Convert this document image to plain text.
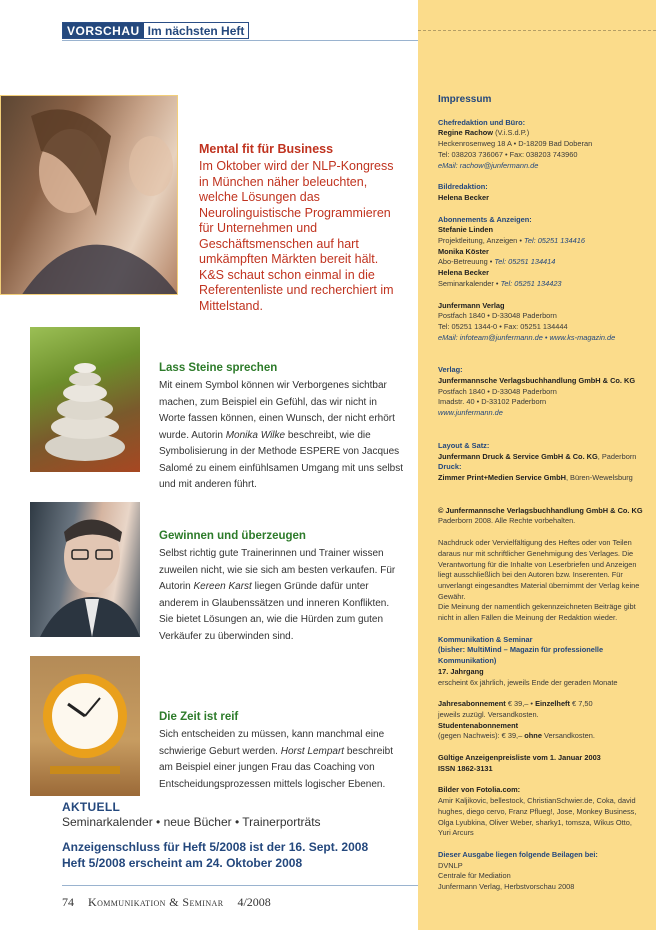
VORSCHAU Im nächsten Heft
Mental fit für Business

Im Oktober wird der NLP-Kongress in München näher beleuchten, welche Lösungen das Neurolinguistische Programmieren für Unternehmen und Geschäftsmenschen auf hart umkämpften Märkten bereit hält. K&S schaut schon einmal in die Referentenliste und recherchiert im Mittelstand.

Lass Steine sprechen

Mit einem Symbol können wir Verborgenes sichtbar machen, zum Beispiel ein Gefühl, das wir nicht in Worte fassen können, einen Wunsch, der nicht erhört wurde. Autorin Monika Wilke beschreibt, wie die Symbolisierung in der Methode ESPERE von Jacques Salomé zu einem einfühlsamen Umgang mit uns selbst und mit anderen führt.

Gewinnen und überzeugen

Selbst richtig gute Trainerinnen und Trainer wissen zuweilen nicht, wie sie sich am besten verkaufen. Für Autorin Kereen Karst liegen Gründe dafür unter anderem in Glaubenssätzen und inneren Konflikten. Sie bietet Lösungen an, wie die Hürden zum guten Verkäufer zu überwinden sind.

Die Zeit ist reif

Sich entscheiden zu müssen, kann manchmal eine schwierige Geburt werden. Horst Lempart beschreibt am Beispiel einer jungen Frau das Coaching von Entscheidungsprozessen mittels logischer Ebenen.

AKTUELL
Seminarkalender • neue Bücher • Trainerporträts
Anzeigenschluss für Heft 5/2008 ist der 16. Sept. 2008
Heft 5/2008 erscheint am 24. Oktober 2008
74 Kommunikation & Seminar 4/2008
Impressum
Chefredaktion und Büro:
Regine Rachow (V.i.S.d.P.)
Heckenrosenweg 18 A • D-18209 Bad Doberan
Tel: 038203 736067 • Fax: 038203 743960
eMail: rachow@junfermann.de
Bildredaktion:
Helena Becker
Abonnements & Anzeigen:
Stefanie Linden
Projektleitung, Anzeigen • Tel: 05251 134416
Monika Köster
Abo-Betreuung • Tel: 05251 134414
Helena Becker
Seminarkalender • Tel: 05251 134423
Junfermann Verlag
Postfach 1840 • D-33048 Paderborn
Tel: 05251 1344-0 • Fax: 05251 134444
eMail: infoteam@junfermann.de • www.ks-magazin.de
Verlag:
Junfermannsche Verlagsbuchhandlung GmbH & Co. KG
Postfach 1840 • D-33048 Paderborn
Imadstr. 40 • D-33102 Paderborn
www.junfermann.de
Layout & Satz:
Junfermann Druck & Service GmbH & Co. KG, Paderborn
Druck:
Zimmer Print+Medien Service GmbH, Büren-Wewelsburg
© Junfermannsche Verlagsbuchhandlung GmbH & Co. KG
Paderborn 2008. Alle Rechte vorbehalten.
Nachdruck oder Vervielfältigung des Heftes oder von Teilen daraus nur mit schriftlicher Genehmigung des Verlages. Die Verantwortung für die Inhalte von Leserbriefen und Anzeigen liegt ausschließlich bei den Autoren bzw. Inserenten. Für unverlangt eingesandtes Material übernimmt der Verlag keine Gewähr.
Die Meinung der namentlich gekennzeichneten Beiträge gibt nicht in allen Fällen die Meinung der Redaktion wieder.
Kommunikation & Seminar
(bisher: MultiMind – Magazin für professionelle Kommunikation)
17. Jahrgang
erscheint 6x jährlich, jeweils Ende der geraden Monate
Jahresabonnement € 39,– • Einzelheft € 7,50
jeweils zuzügl. Versandkosten.
Studentenabonnement
(gegen Nachweis): € 39,– ohne Versandkosten.
Gültige Anzeigenpreisliste vom 1. Januar 2003
ISSN 1862-3131
Bilder von Fotolia.com:
Amir Kaljikovic, bellestock, ChristianSchwier.de, Coka, david hughes, diego cervo, Franz Pflueg!, Jose, Monkey Business, Olga Lyubkina, Oliver Weber, sharky1, tomsza, Wikus Otto, Yuri Arcurs
Dieser Ausgabe liegen folgende Beilagen bei:
DVNLP
Centrale für Mediation
Junfermann Verlag, Herbstvorschau 2008
